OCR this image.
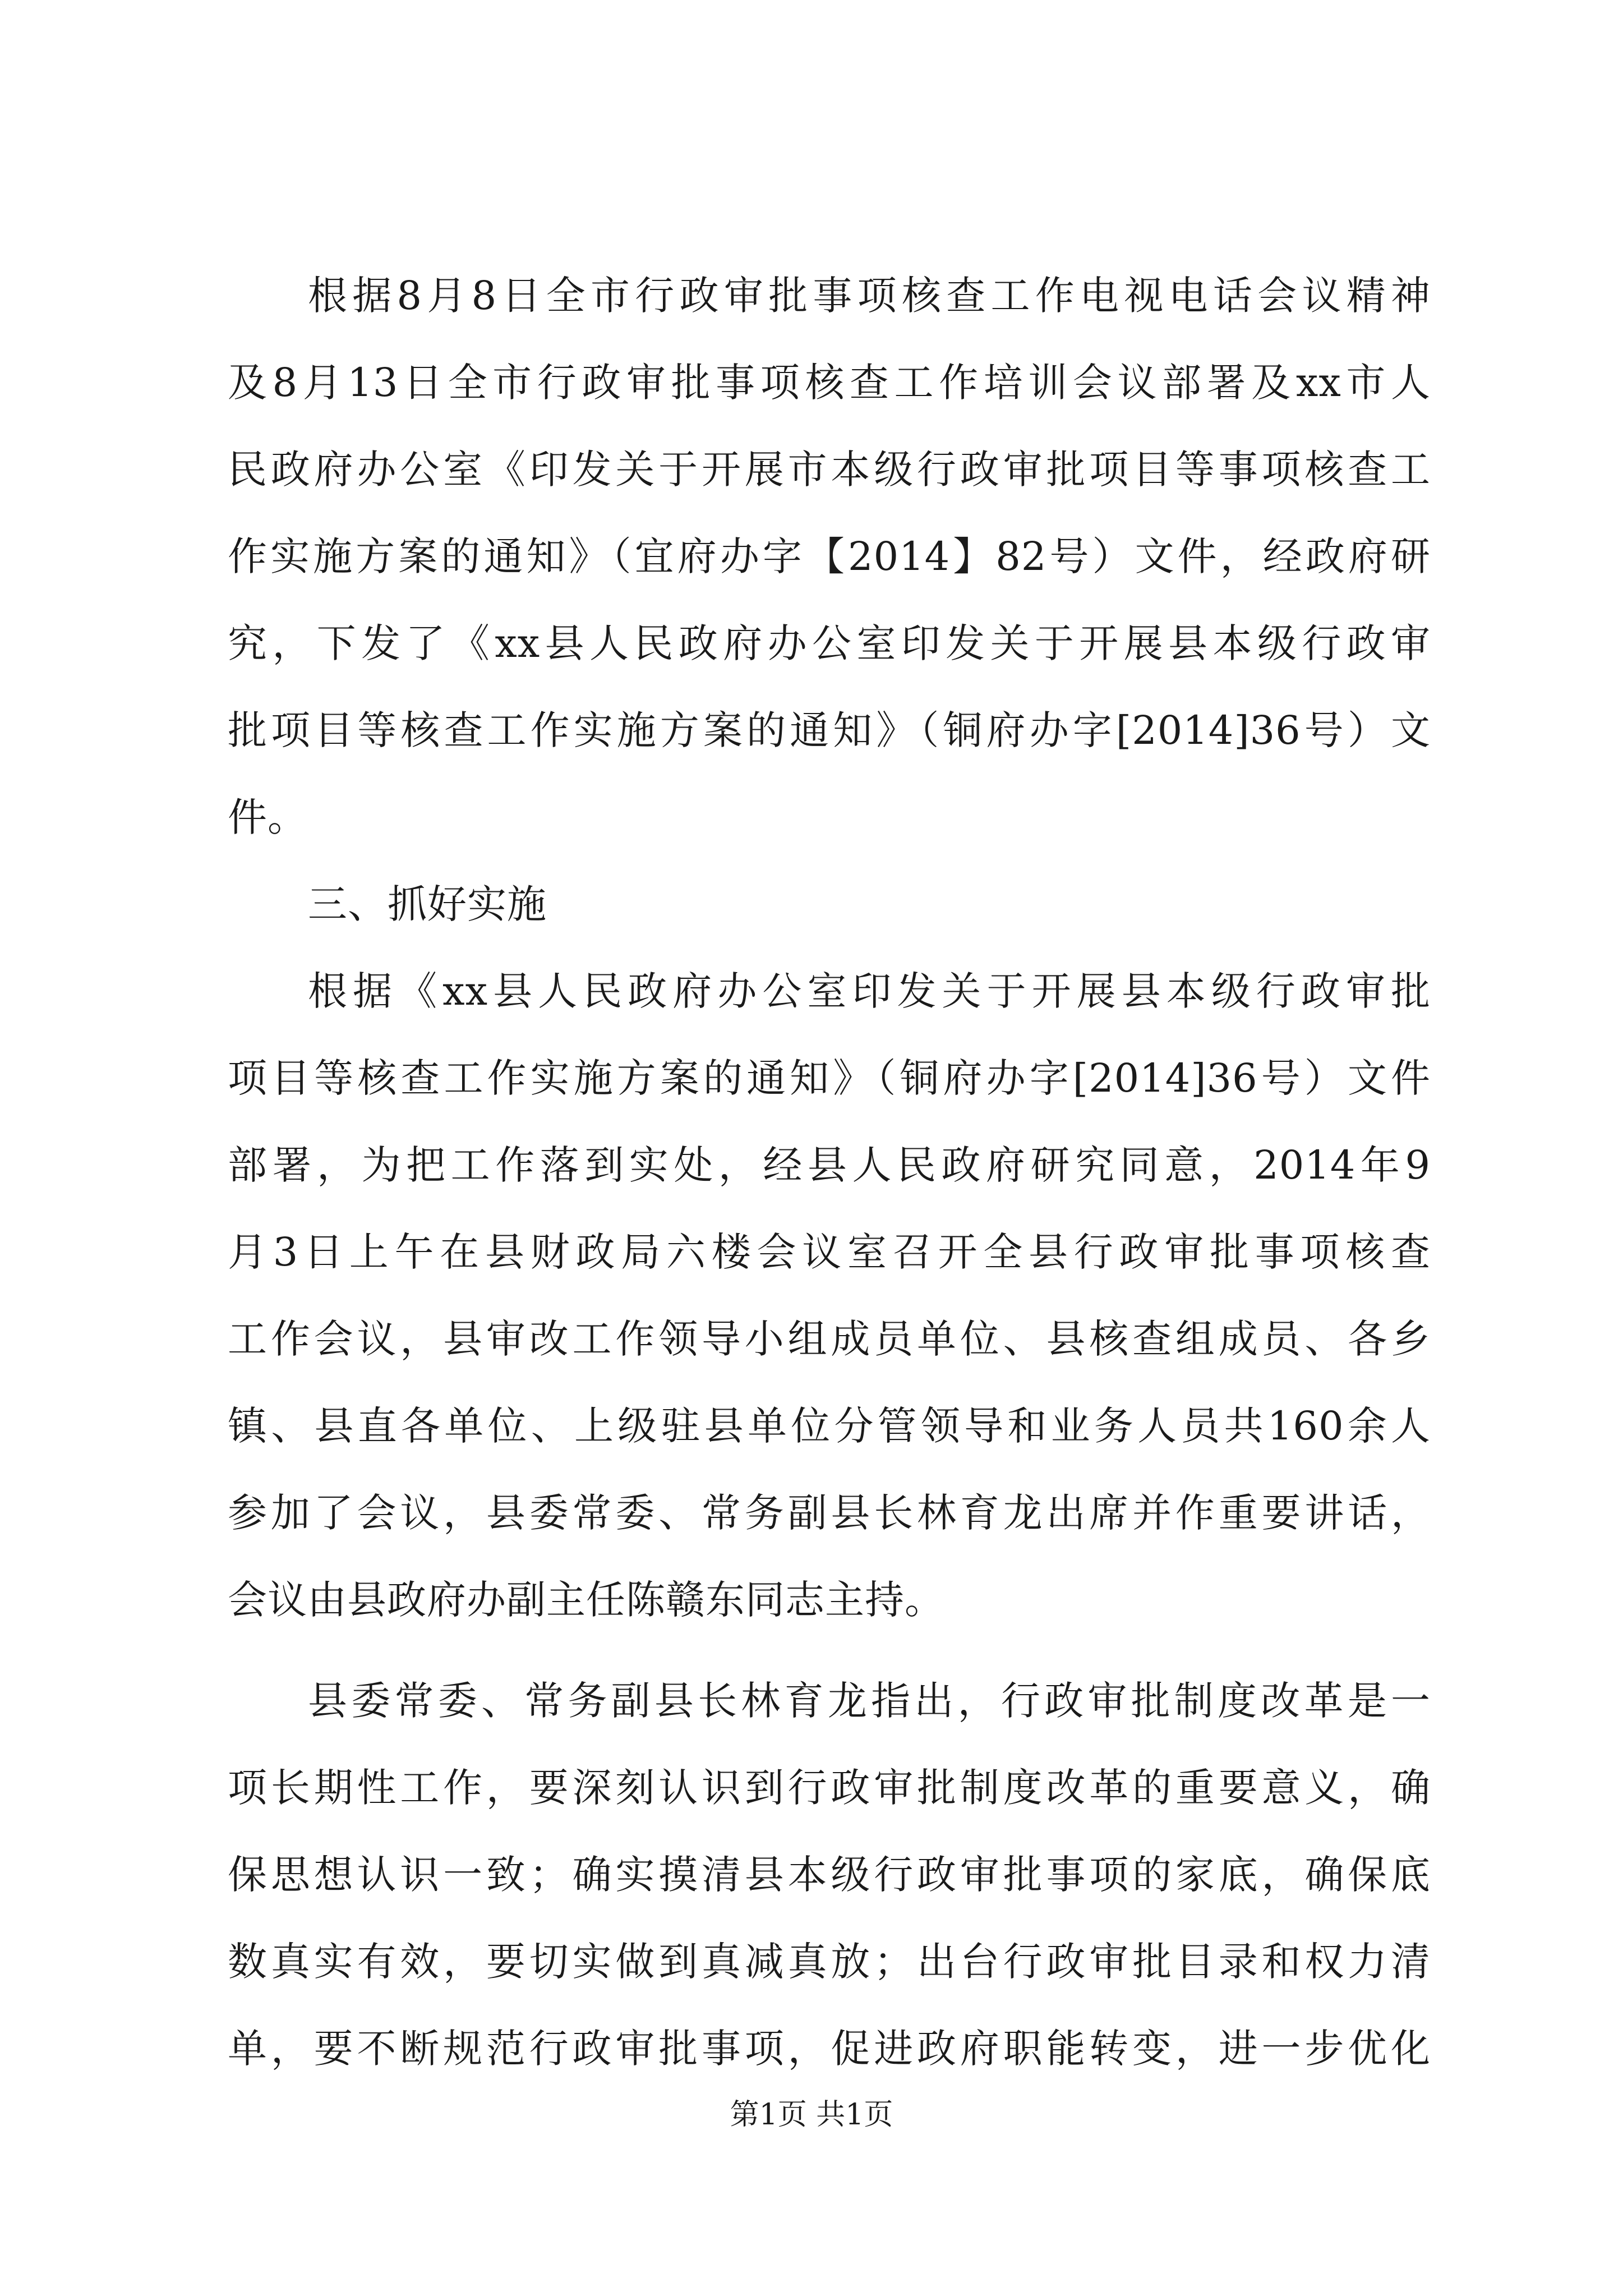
根据8月8日全市行政审批事项核查工作电视电话会议精神
及8月13日全市行政审批事项核查工作培训会议部署及xx市人
民政府办公室《印发关于开展市本级行政审批项目等事项核查工
作实施方案的通知》（宜府办字【2014】82号）文件，经政府研
究，下发了《xx县人民政府办公室印发关于开展县本级行政审
批项目等核查工作实施方案的通知》（铜府办字[2014]36号）文
件。
三、抓好实施
根据《xx县人民政府办公室印发关于开展县本级行政审批
项目等核查工作实施方案的通知》（铜府办字[2014]36号）文件
部署，为把工作落到实处，经县人民政府研究同意，2014年9
月3日上午在县财政局六楼会议室召开全县行政审批事项核查
工作会议，县审改工作领导小组成员单位、县核查组成员、各乡
镇、县直各单位、上级驻县单位分管领导和业务人员共160余人
参加了会议，县委常委、常务副县长林育龙出席并作重要讲话，
会议由县政府办副主任陈赣东同志主持。
县委常委、常务副县长林育龙指出，行政审批制度改革是一
项长期性工作，要深刻认识到行政审批制度改革的重要意义，确
保思想认识一致；确实摸清县本级行政审批事项的家底，确保底
数真实有效，要切实做到真减真放；出台行政审批目录和权力清
单，要不断规范行政审批事项，促进政府职能转变，进一步优化
第1页 共1页
